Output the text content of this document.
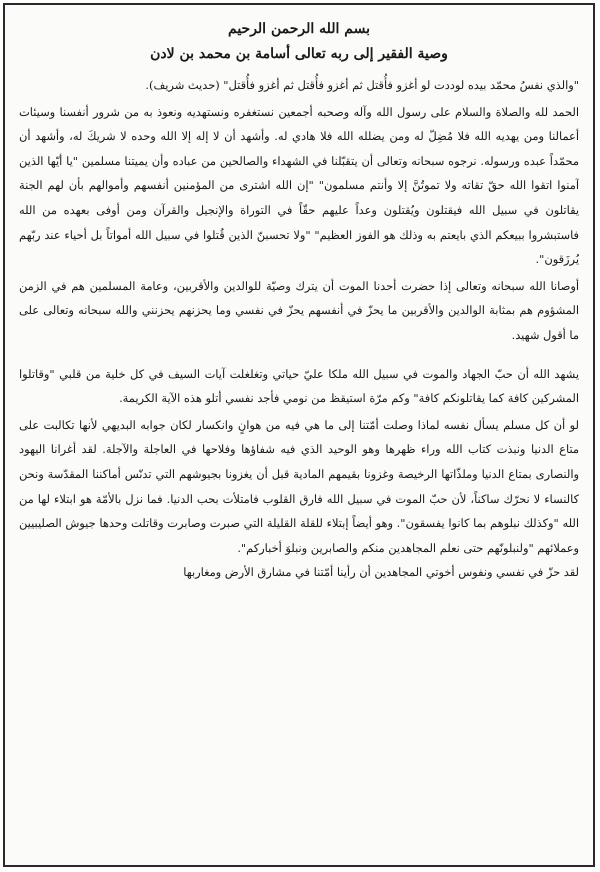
بسم الله الرحمن الرحيم

وصية الفقير إلى ربه تعالى أسامة بن محمد بن لادن

"والذي نفسُ محمّد بيده لوددت لو أغزو فأُقتل ثم أغزو فأُقتل ثم أغزو فأُقتل" (حديث شريف).

الحمد لله والصلاة والسلام على رسول الله وآله وصحبه أجمعين نستغفره ونستهديه ونعوذ به من شرور أنفسنا وسيئات أعمالنا ومن يهديه الله فلا مُضِلّ له ومن يضلله الله فلا هادي له. وأشهد أن لا إله إلا الله وحده لا شريكَ له، وأشهد أن محمّداً عبده ورسوله. نرجوه سبحانه وتعالى أن يتقبّلنا في الشهداء والصالحين من عباده وأن يميتنا مسلمين "يا أيّها الذين آمنوا اتقوا الله حقّ تقاته ولا تموتُنَّ إلا وأنتم مسلمون" "إن الله اشترى من المؤمنين أنفسهم وأموالهم بأن لهم الجنة يقاتلون في سبيل الله فيقتلون ويُقتلون وعداً عليهم حقّاً في التوراة والإنجيل والقرآن ومن أوفى بعهده من الله فاستبشروا ببيعكم الذي بايعتم به وذلك هو الفوز العظيم" "ولا تحسبنّ الذين قُتلوا في سبيل الله أمواتاً بل أحياء عند ربّهم يُرزَقون".

أوصانا الله سبحانه وتعالى إذا حضرت أحدنا الموت أن يترك وصيّة للوالدين والأقربين، وعامة المسلمين هم في الزمن المشؤوم هم بمثابة الوالدين والأقربين ما يحزّ في أنفسهم يحزّ في نفسي وما يحزنهم يحزنني والله سبحانه وتعالى على ما أقول شهيد.

يشهد الله أن حبّ الجهاد والموت في سبيل الله ملكا عليّ حياتي وتغلغلت آيات السيف في كل خلية من قلبي "وقاتلوا المشركين كافة كما يقاتلونكم كافة" وكم مرّة استيقظ من نومي فأجد نفسي أتلو هذه الآية الكريمة.

لو أن كل مسلم يسأل نفسه لماذا وصلت أمّتنا إلى ما هي فيه من هوانٍ وانكسار لكان جوابه البديهي لأنها تكالبت على متاع الدنيا ونبذت كتاب الله وراء ظهرها وهو الوحيد الذي فيه شفاؤها وفلاحها في العاجلة والآجلة. لقد أغرانا اليهود والنصارى بمتاع الدنيا وملذّاتها الرخيصة وغزونا بقيمهم المادية قبل أن يغزونا بجيوشهم التي تدنّس أماكننا المقدّسة ونحن كالنساء لا نحرّك ساكناً، لأن حبّ الموت في سبيل الله فارق القلوب فامتلأت بحب الدنيا. فما نزل بالأمّة هو ابتلاء لها من الله "وكذلك نبلوهم بما كانوا يفسقون". وهو أيضاً إبتلاء للقلة القليلة التي صبرت وصابرت وقاتلت وحدها جيوش الصليبيين وعملائهم "ولنبلونّهم حتى نعلم المجاهدين منكم والصابرين ونبلوَ أخباركم".

لقد حزّ في نفسي ونفوس أخوتي المجاهدين أن رأينا أمّتنا في مشارق الأرض ومغاربها
